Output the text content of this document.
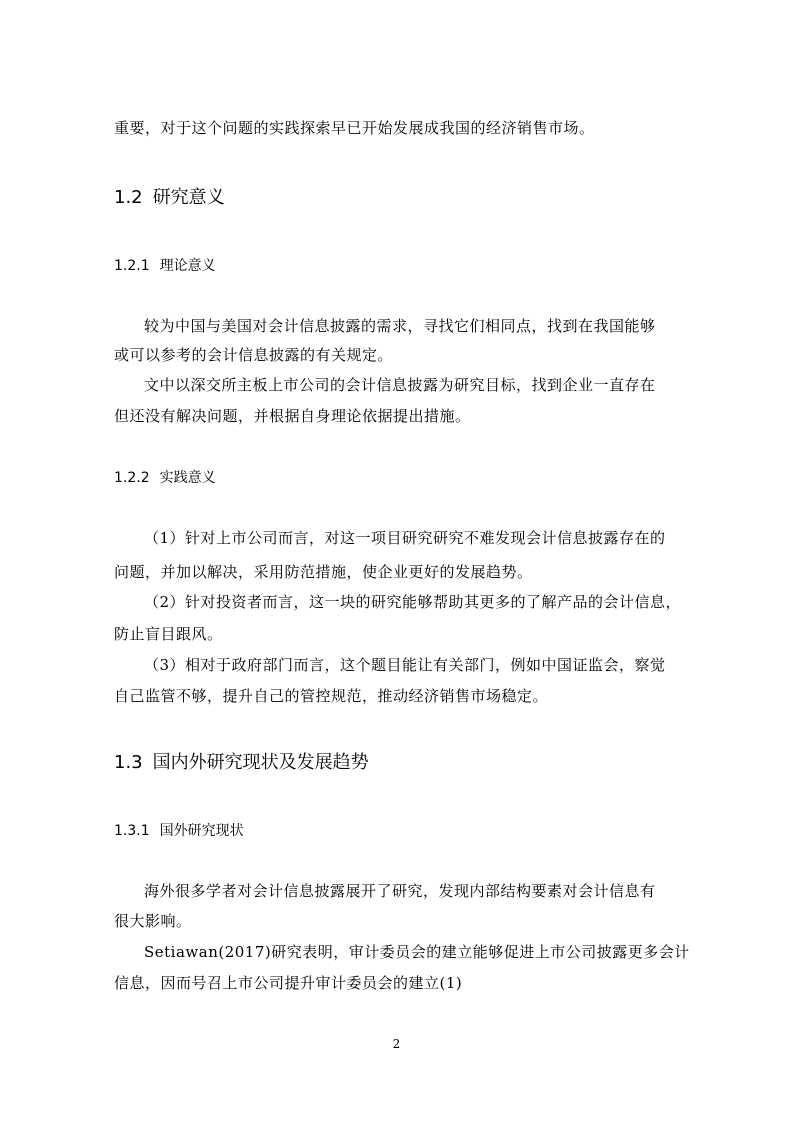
重要，对于这个问题的实践探索早已开始发展成我国的经济销售市场。
1.2 研究意义
1.2.1 理论意义
较为中国与美国对会计信息披露的需求，寻找它们相同点，找到在我国能够
或可以参考的会计信息披露的有关规定。
文中以深交所主板上市公司的会计信息披露为研究目标，找到企业一直存在
但还没有解决问题，并根据自身理论依据提出措施。
1.2.2 实践意义
（1）针对上市公司而言，对这一项目研究研究不难发现会计信息披露存在的
问题，并加以解决，采用防范措施，使企业更好的发展趋势。
（2）针对投资者而言，这一块的研究能够帮助其更多的了解产品的会计信息，
防止盲目跟风。
（3）相对于政府部门而言，这个题目能让有关部门，例如中国证监会，察觉
自己监管不够，提升自己的管控规范，推动经济销售市场稳定。
1.3 国内外研究现状及发展趋势
1.3.1 国外研究现状
海外很多学者对会计信息披露展开了研究，发现内部结构要素对会计信息有
很大影响。
Setiawan(2017)研究表明，审计委员会的建立能够促进上市公司披露更多会计
信息，因而号召上市公司提升审计委员会的建立(1)
2
